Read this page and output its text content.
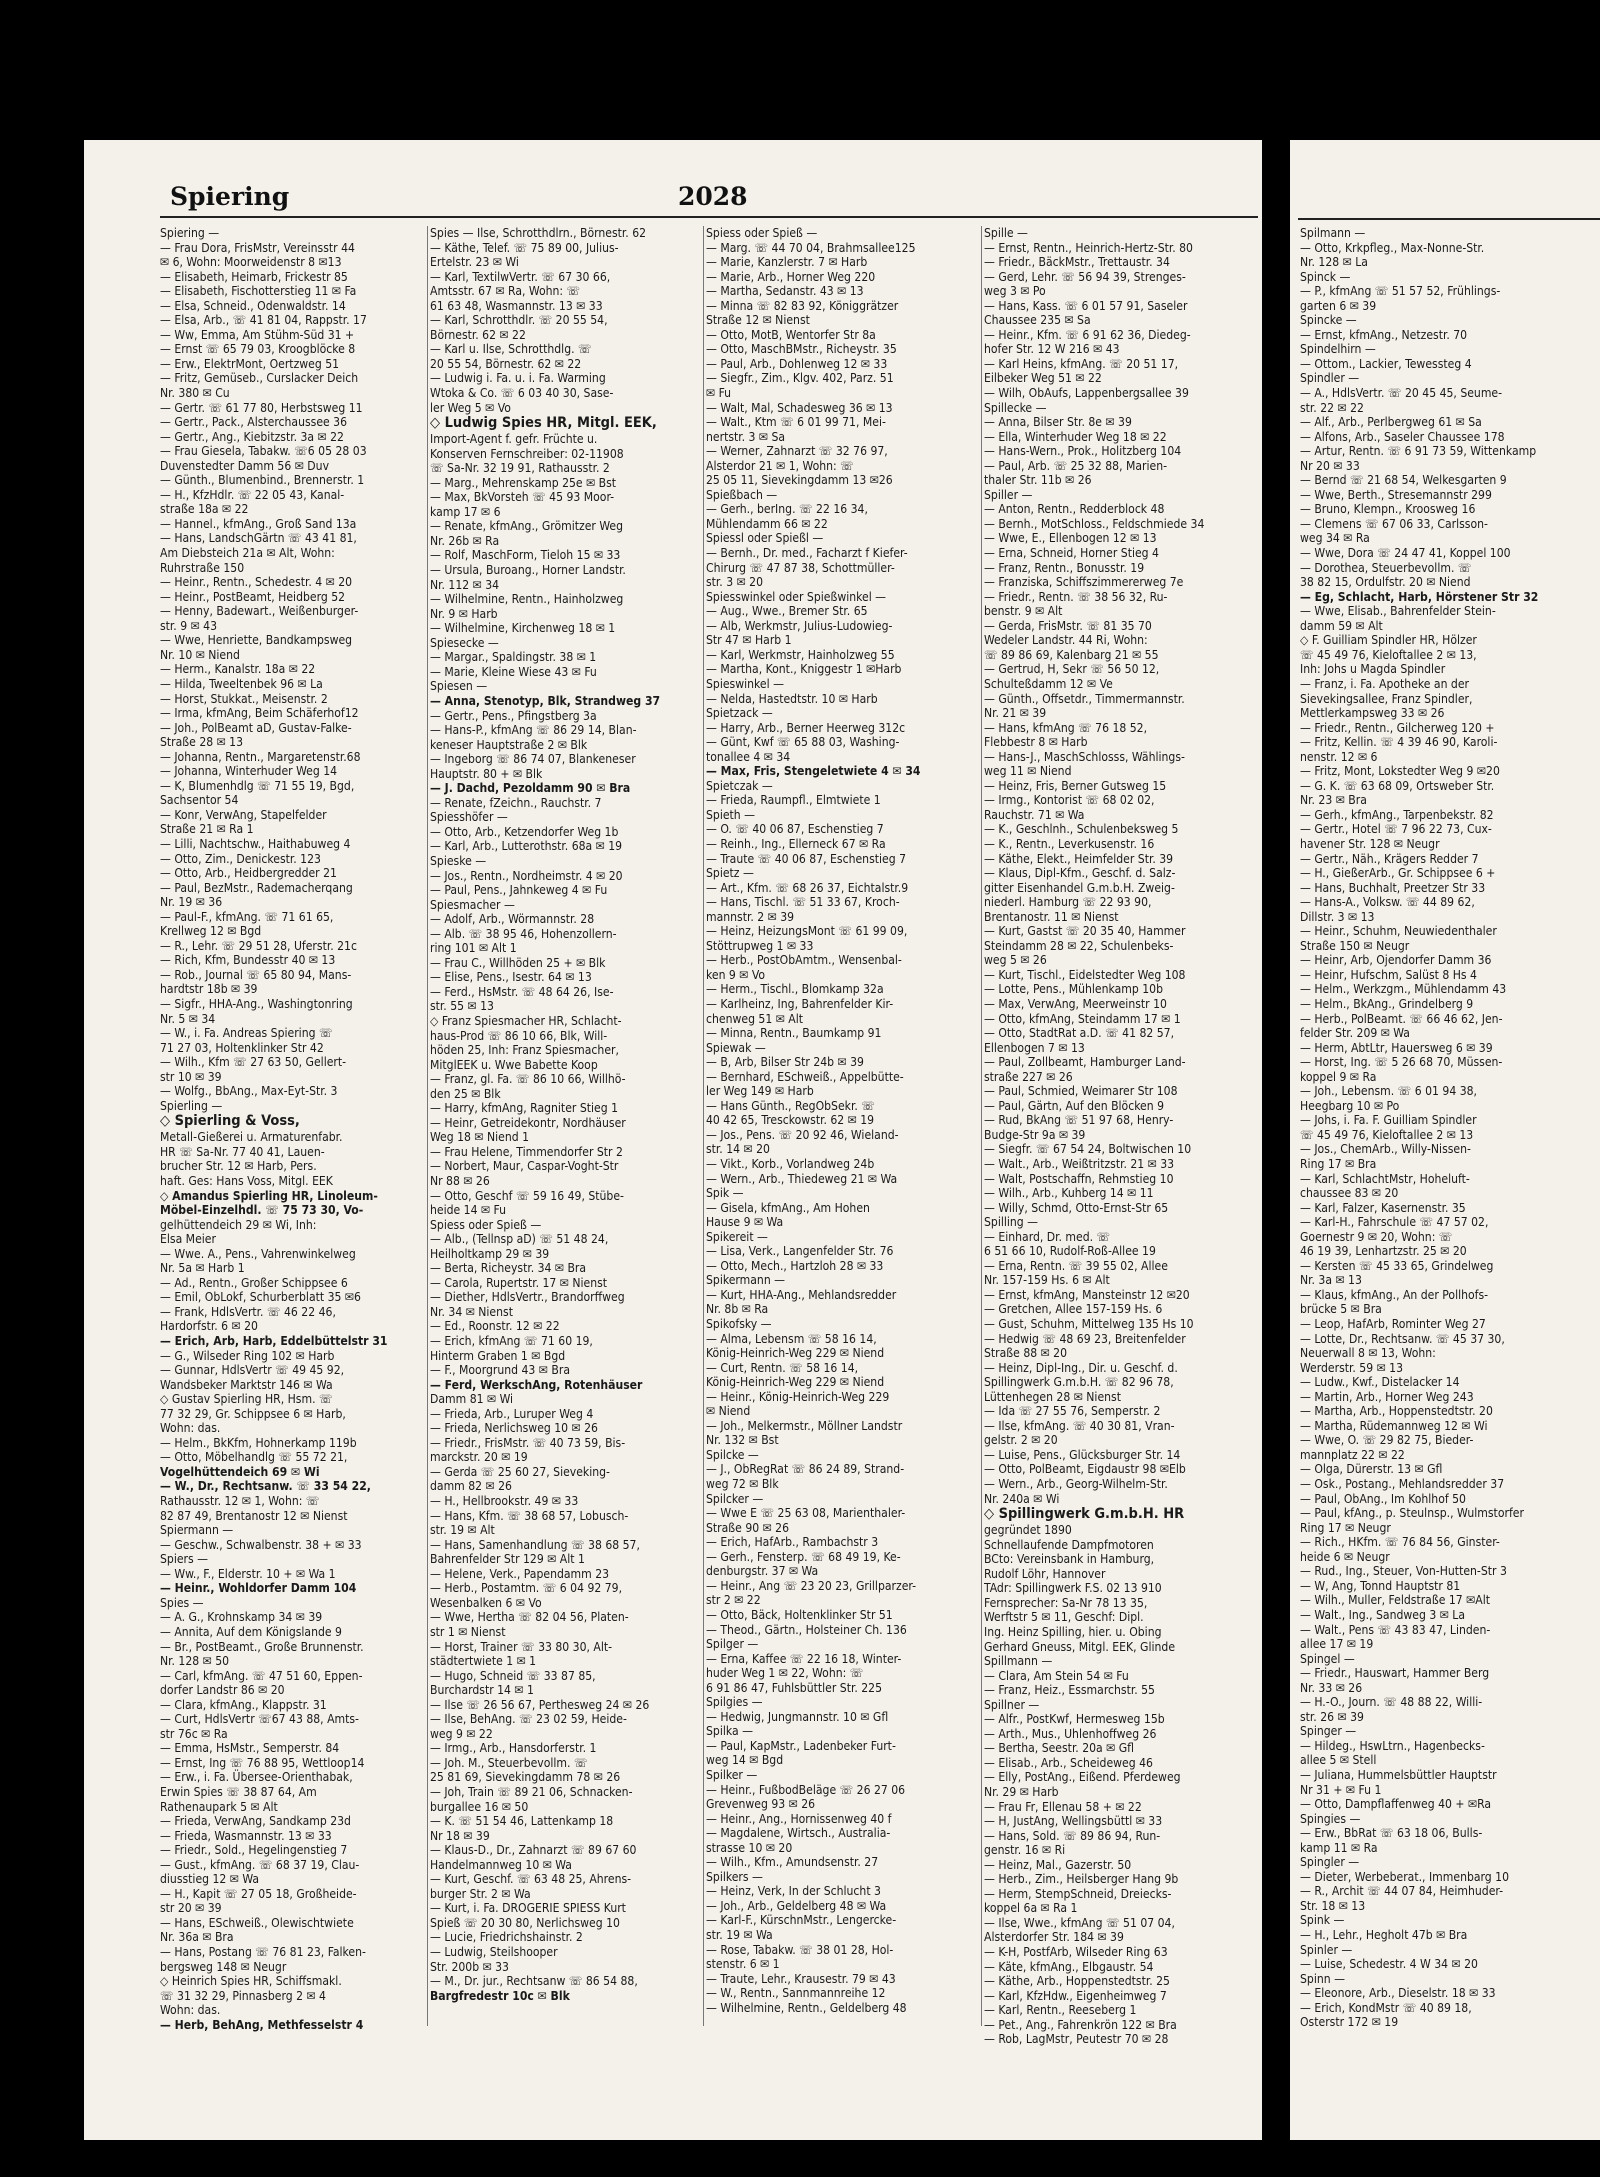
Spiering	2028
Spiering —
— Frau Dora, FrisMstr, Vereinsstr 44
✉ 6, Wohn: Moorweidenstr 8 ✉13
— Elisabeth, Heimarb, Frickestr 85
— Elisabeth, Fischotterstieg 11 ✉ Fa
— Elsa, Schneid., Odenwaldstr. 14
— Elsa, Arb., ☏ 41 81 04, Rappstr. 17
— Ww, Emma, Am Stühm-Süd 31 +
— Ernst ☏ 65 79 03, Kroogblöcke 8
— Erw., ElektrMont, Oertzweg 51
— Fritz, Gemüseb., Curslacker Deich
Nr. 380 ✉ Cu
— Gertr. ☏ 61 77 80, Herbstsweg 11
— Gertr., Pack., Alsterchaussee 36
— Gertr., Ang., Kiebitzstr. 3a ✉ 22
— Frau Giesela, Tabakw. ☏6 05 28 03
Duvenstedter Damm 56 ✉ Duv
— Günth., Blumenbind., Brennerstr. 1
— H., KfzHdlr. ☏ 22 05 43, Kanal-
straße 18a ✉ 22
— Hannel., kfmAng., Groß Sand 13a
— Hans, LandschGärtn ☏ 43 41 81,
Am Diebsteich 21a ✉ Alt, Wohn:
Ruhrstraße 150
— Heinr., Rentn., Schedestr. 4 ✉ 20
— Heinr., PostBeamt, Heidberg 52
— Henny, Badewart., Weißenburger-
str. 9 ✉ 43
— Wwe, Henriette, Bandkampsweg
Nr. 10 ✉ Niend
— Herm., Kanalstr. 18a ✉ 22
— Hilda, Tweeltenbek 96 ✉ La
— Horst, Stukkat., Meisenstr. 2
— Irma, kfmAng, Beim Schäferhof12
— Joh., PolBeamt aD, Gustav-Falke-
Straße 28 ✉ 13
— Johanna, Rentn., Margaretenstr.68
— Johanna, Winterhuder Weg 14
— K, Blumenhdlg ☏ 71 55 19, Bgd,
Sachsentor 54
— Konr, VerwAng, Stapelfelder
Straße 21 ✉ Ra 1
— Lilli, Nachtschw., Haithabuweg 4
— Otto, Zim., Denickestr. 123
— Otto, Arb., Heidbergredder 21
— Paul, BezMstr., Rademacherqang
Nr. 19 ✉ 36
— Paul-F., kfmAng. ☏ 71 61 65,
Krellweg 12 ✉ Bgd
— R., Lehr. ☏ 29 51 28, Uferstr. 21c
— Rich, Kfm, Bundesstr 40 ✉ 13
— Rob., Journal ☏ 65 80 94, Mans-
hardtstr 18b ✉ 39
— Sigfr., HHA-Ang., Washingtonring
Nr. 5 ✉ 34
— W., i. Fa. Andreas Spiering ☏
71 27 03, Holtenklinker Str 42
— Wilh., Kfm ☏ 27 63 50, Gellert-
str 10 ✉ 39
— Wolfg., BbAng., Max-Eyt-Str. 3
Spierling —
◇ Spierling & Voss,
Metall-Gießerei u. Armaturenfabr.
HR ☏ Sa-Nr. 77 40 41, Lauen-
brucher Str. 12 ✉ Harb, Pers.
haft. Ges: Hans Voss, Mitgl. EEK
◇ Amandus Spierling HR, Linoleum-
Möbel-Einzelhdl. ☏ 75 73 30, Vo-
gelhüttendeich 29 ✉ Wi, Inh:
Elsa Meier
— Wwe. A., Pens., Vahrenwinkelweg
Nr. 5a ✉ Harb 1
— Ad., Rentn., Großer Schippsee 6
— Emil, ObLokf, Schurberblatt 35 ✉6
— Frank, HdlsVertr. ☏ 46 22 46,
Hardorfstr. 6 ✉ 20
— Erich, Arb, Harb, Eddelbüttelstr 31
— G., Wilseder Ring 102 ✉ Harb
— Gunnar, HdlsVertr ☏ 49 45 92,
Wandsbeker Marktstr 146 ✉ Wa
◇ Gustav Spierling HR, Hsm. ☏
77 32 29, Gr. Schippsee 6 ✉ Harb,
Wohn: das.
— Helm., BkKfm, Hohnerkamp 119b
— Otto, Möbelhandlg ☏ 55 72 21,
Vogelhüttendeich 69 ✉ Wi
— W., Dr., Rechtsanw. ☏ 33 54 22,
Rathausstr. 12 ✉ 1, Wohn: ☏
82 87 49, Brentanostr 12 ✉ Nienst
Spiermann —
— Geschw., Schwalbenstr. 38 + ✉ 33
Spiers —
— Ww., F., Elderstr. 10 + ✉ Wa 1
— Heinr., Wohldorfer Damm 104
Spies —
— A. G., Krohnskamp 34 ✉ 39
— Annita, Auf dem Königslande 9
— Br., PostBeamt., Große Brunnenstr.
Nr. 128 ✉ 50
— Carl, kfmAng. ☏ 47 51 60, Eppen-
dorfer Landstr 86 ✉ 20
— Clara, kfmAng., Klappstr. 31
— Curt, HdlsVertr ☏67 43 88, Amts-
str 76c ✉ Ra
— Emma, HsMstr., Semperstr. 84
— Ernst, Ing ☏ 76 88 95, Wettloop14
— Erw., i. Fa. Übersee-Orienthabak,
Erwin Spies ☏ 38 87 64, Am
Rathenaupark 5 ✉ Alt
— Frieda, VerwAng, Sandkamp 23d
— Frieda, Wasmannstr. 13 ✉ 33
— Friedr., Sold., Hegelingenstieg 7
— Gust., kfmAng. ☏ 68 37 19, Clau-
diusstieg 12 ✉ Wa
— H., Kapit ☏ 27 05 18, Großheide-
str 20 ✉ 39
— Hans, ESchweiß., Olewischtwiete
Nr. 36a ✉ Bra
— Hans, Postang ☏ 76 81 23, Falken-
bergsweg 148 ✉ Neugr
◇ Heinrich Spies HR, Schiffsmakl.
☏ 31 32 29, Pinnasberg 2 ✉ 4
Wohn: das.
— Herb, BehAng, Methfesselstr 4
Spies — Ilse, Schrotthdlrn., Börnestr. 62
— Käthe, Telef. ☏ 75 89 00, Julius-
Ertelstr. 23 ✉ Wi
— Karl, TextilwVertr. ☏ 67 30 66,
Amtsstr. 67 ✉ Ra, Wohn: ☏
61 63 48, Wasmannstr. 13 ✉ 33
— Karl, Schrotthdlr. ☏ 20 55 54,
Börnestr. 62 ✉ 22
— Karl u. Ilse, Schrotthdlg. ☏
20 55 54, Börnestr. 62 ✉ 22
— Ludwig i. Fa. u. i. Fa. Warming
Wtoka & Co. ☏ 6 03 40 30, Sase-
ler Weg 5 ✉ Vo
◇ Ludwig Spies HR, Mitgl. EEK,
Import-Agent f. gefr. Früchte u.
Konserven Fernschreiber: 02-11908
☏ Sa-Nr. 32 19 91, Rathausstr. 2
— Marg., Mehrenskamp 25e ✉ Bst
— Max, BkVorsteh ☏ 45 93 Moor-
kamp 17 ✉ 6
— Renate, kfmAng., Grömitzer Weg
Nr. 26b ✉ Ra
— Rolf, MaschForm, Tieloh 15 ✉ 33
— Ursula, Buroang., Horner Landstr.
Nr. 112 ✉ 34
— Wilhelmine, Rentn., Hainholzweg
Nr. 9 ✉ Harb
— Wilhelmine, Kirchenweg 18 ✉ 1
Spiesecke —
— Margar., Spaldingstr. 38 ✉ 1
— Marie, Kleine Wiese 43 ✉ Fu
Spiesen —
— Anna, Stenotyp, Blk, Strandweg 37
— Gertr., Pens., Pfingstberg 3a
— Hans-P., kfmAng ☏ 86 29 14, Blan-
keneser Hauptstraße 2 ✉ Blk
— Ingeborg ☏ 86 74 07, Blankeneser
Hauptstr. 80 + ✉ Blk
— J. Dachd, Pezoldamm 90 ✉ Bra
— Renate, fZeichn., Rauchstr. 7
Spiesshöfer —
— Otto, Arb., Ketzendorfer Weg 1b
— Karl, Arb., Lutterothstr. 68a ✉ 19
Spieske —
— Jos., Rentn., Nordheimstr. 4 ✉ 20
— Paul, Pens., Jahnkeweg 4 ✉ Fu
Spiesmacher —
— Adolf, Arb., Wörmannstr. 28
— Alb. ☏ 38 95 46, Hohenzollern-
ring 101 ✉ Alt 1
— Frau C., Willhöden 25 + ✉ Blk
— Elise, Pens., Isestr. 64 ✉ 13
— Ferd., HsMstr. ☏ 48 64 26, Ise-
str. 55 ✉ 13
◇ Franz Spiesmacher HR, Schlacht-
haus-Prod ☏ 86 10 66, Blk, Will-
höden 25, Inh: Franz Spiesmacher,
MitglEEK u. Wwe Babette Koop
— Franz, gl. Fa. ☏ 86 10 66, Willhö-
den 25 ✉ Blk
— Harry, kfmAng, Ragniter Stieg 1
— Heinr, Getreidekontr, Nordhäuser
Weg 18 ✉ Niend 1
— Frau Helene, Timmendorfer Str 2
— Norbert, Maur, Caspar-Voght-Str
Nr 88 ✉ 26
— Otto, Geschf ☏ 59 16 49, Stübe-
heide 14 ✉ Fu
Spiess oder Spieß —
— Alb., (Tellnsp aD) ☏ 51 48 24,
Heilholtkamp 29 ✉ 39
— Berta, Richeystr. 34 ✉ Bra
— Carola, Rupertstr. 17 ✉ Nienst
— Diether, HdlsVertr., Brandorffweg
Nr. 34 ✉ Nienst
— Ed., Roonstr. 12 ✉ 22
— Erich, kfmAng ☏ 71 60 19,
Hinterm Graben 1 ✉ Bgd
— F., Moorgrund 43 ✉ Bra
— Ferd, WerkschAng, Rotenhäuser
Damm 81 ✉ Wi
— Frieda, Arb., Luruper Weg 4
— Frieda, Nerlichsweg 10 ✉ 26
— Friedr., FrisMstr. ☏ 40 73 59, Bis-
marckstr. 20 ✉ 19
— Gerda ☏ 25 60 27, Sieveking-
damm 82 ✉ 26
— H., Hellbrookstr. 49 ✉ 33
— Hans, Kfm. ☏ 38 68 57, Lobusch-
str. 19 ✉ Alt
— Hans, Samenhandlung ☏ 38 68 57,
Bahrenfelder Str 129 ✉ Alt 1
— Helene, Verk., Papendamm 23
— Herb., Postamtm. ☏ 6 04 92 79,
Wesenbalken 6 ✉ Vo
— Wwe, Hertha ☏ 82 04 56, Platen-
str 1 ✉ Nienst
— Horst, Trainer ☏ 33 80 30, Alt-
städtertwiete 1 ✉ 1
— Hugo, Schneid ☏ 33 87 85,
Burchardstr 14 ✉ 1
— Ilse ☏ 26 56 67, Perthesweg 24 ✉ 26
— Ilse, BehAng. ☏ 23 02 59, Heide-
weg 9 ✉ 22
— Irmg., Arb., Hansdorferstr. 1
— Joh. M., Steuerbevollm. ☏
25 81 69, Sievekingdamm 78 ✉ 26
— Joh, Train ☏ 89 21 06, Schnacken-
burgallee 16 ✉ 50
— K. ☏ 51 54 46, Lattenkamp 18
Nr 18 ✉ 39
— Klaus-D., Dr., Zahnarzt ☏ 89 67 60
Handelmannweg 10 ✉ Wa
— Kurt, Geschf. ☏ 63 48 25, Ahrens-
burger Str. 2 ✉ Wa
— Kurt, i. Fa. DROGERIE SPIESS Kurt
Spieß ☏ 20 30 80, Nerlichsweg 10
— Lucie, Friedrichshainstr. 2
— Ludwig, Steilshooper
Str. 200b ✉ 33
— M., Dr. jur., Rechtsanw ☏ 86 54 88,
Bargfredestr 10c ✉ Blk
Spiess oder Spieß —
— Marg. ☏ 44 70 04, Brahmsallee125
— Marie, Kanzlerstr. 7 ✉ Harb
— Marie, Arb., Horner Weg 220
— Martha, Sedanstr. 43 ✉ 13
— Minna ☏ 82 83 92, Königgrätzer
Straße 12 ✉ Nienst
— Otto, MotB, Wentorfer Str 8a
— Otto, MaschBMstr., Richeystr. 35
— Paul, Arb., Dohlenweg 12 ✉ 33
— Siegfr., Zim., Klgv. 402, Parz. 51
✉ Fu
— Walt, Mal, Schadesweg 36 ✉ 13
— Walt., Ktm ☏ 6 01 99 71, Mei-
nertstr. 3 ✉ Sa
— Werner, Zahnarzt ☏ 32 76 97,
Alsterdor 21 ✉ 1, Wohn: ☏
25 05 11, Sievekingdamm 13 ✉26
Spießbach —
— Gerh., berIng. ☏ 22 16 34,
Mühlendamm 66 ✉ 22
Spiessl oder Spießl —
— Bernh., Dr. med., Facharzt f Kiefer-
Chirurg ☏ 47 87 38, Schottmüller-
str. 3 ✉ 20
Spiesswinkel oder Spießwinkel —
— Aug., Wwe., Bremer Str. 65
— Alb, Werkmstr, Julius-Ludowieg-
Str 47 ✉ Harb 1
— Karl, Werkmstr, Hainholzweg 55
— Martha, Kont., Kniggestr 1 ✉Harb
Spieswinkel —
— Nelda, Hastedtstr. 10 ✉ Harb
Spietzack —
— Harry, Arb., Berner Heerweg 312c
— Günt, Kwf ☏ 65 88 03, Washing-
tonallee 4 ✉ 34
— Max, Fris, Stengeletwiete 4 ✉ 34
Spietczak —
— Frieda, Raumpfl., Elmtwiete 1
Spieth —
— O. ☏ 40 06 87, Eschenstieg 7
— Reinh., Ing., Ellerneck 67 ✉ Ra
— Traute ☏ 40 06 87, Eschenstieg 7
Spietz —
— Art., Kfm. ☏ 68 26 37, Eichtalstr.9
— Hans, Tischl. ☏ 51 33 67, Kroch-
mannstr. 2 ✉ 39
— Heinz, HeizungsMont ☏ 61 99 09,
Stöttrupweg 1 ✉ 33
— Herb., PostObAmtm., Wensenbal-
ken 9 ✉ Vo
— Herm., Tischl., Blomkamp 32a
— Karlheinz, Ing, Bahrenfelder Kir-
chenweg 51 ✉ Alt
— Minna, Rentn., Baumkamp 91
Spiewak —
— B, Arb, Bilser Str 24b ✉ 39
— Bernhard, ESchweiß., Appelbütte-
ler Weg 149 ✉ Harb
— Hans Günth., RegObSekr. ☏
40 42 65, Tresckowstr. 62 ✉ 19
— Jos., Pens. ☏ 20 92 46, Wieland-
str. 14 ✉ 20
— Vikt., Korb., Vorlandweg 24b
— Wern., Arb., Thiedeweg 21 ✉ Wa
Spik —
— Gisela, kfmAng., Am Hohen
Hause 9 ✉ Wa
Spikereit —
— Lisa, Verk., Langenfelder Str. 76
— Otto, Mech., Hartzloh 28 ✉ 33
Spikermann —
— Kurt, HHA-Ang., Mehlandsredder
Nr. 8b ✉ Ra
Spikofsky —
— Alma, Lebensm ☏ 58 16 14,
König-Heinrich-Weg 229 ✉ Niend
— Curt, Rentn. ☏ 58 16 14,
König-Heinrich-Weg 229 ✉ Niend
— Heinr., König-Heinrich-Weg 229
✉ Niend
— Joh., Melkermstr., Möllner Landstr
Nr. 132 ✉ Bst
Spilcke —
— J., ObRegRat ☏ 86 24 89, Strand-
weg 72 ✉ Blk
Spilcker —
— Wwe E ☏ 25 63 08, Marienthaler-
Straße 90 ✉ 26
— Erich, HafArb., Rambachstr 3
— Gerh., Fensterp. ☏ 68 49 19, Ke-
denburgstr. 37 ✉ Wa
— Heinr., Ang ☏ 23 20 23, Grillparzer-
str 2 ✉ 22
— Otto, Bäck, Holtenklinker Str 51
— Theod., Gärtn., Holsteiner Ch. 136
Spilger —
— Erna, Kaffee ☏ 22 16 18, Winter-
huder Weg 1 ✉ 22, Wohn: ☏
6 91 86 47, Fuhlsbüttler Str. 225
Spilgies —
— Hedwig, Jungmannstr. 10 ✉ Gfl
Spilka —
— Paul, KapMstr., Ladenbeker Furt-
weg 14 ✉ Bgd
Spilker —
— Heinr., FußbodBeläge ☏ 26 27 06
Grevenweg 93 ✉ 26
— Heinr., Ang., Hornissenweg 40 f
— Magdalene, Wirtsch., Australia-
strasse 10 ✉ 20
— Wilh., Kfm., Amundsenstr. 27
Spilkers —
— Heinz, Verk, In der Schlucht 3
— Joh., Arb., Geldelberg 48 ✉ Wa
— Karl-F., KürschnMstr., Lengercke-
str. 19 ✉ Wa
— Rose, Tabakw. ☏ 38 01 28, Hol-
stenstr. 6 ✉ 1
— Traute, Lehr., Krausestr. 79 ✉ 43
— W., Rentn., Sannmannreihe 12
— Wilhelmine, Rentn., Geldelberg 48
Spille —
— Ernst, Rentn., Heinrich-Hertz-Str. 80
— Friedr., BäckMstr., Trettaustr. 34
— Gerd, Lehr. ☏ 56 94 39, Strenges-
weg 3 ✉ Po
— Hans, Kass. ☏ 6 01 57 91, Saseler
Chaussee 235 ✉ Sa
— Heinr., Kfm. ☏ 6 91 62 36, Diedeg-
hofer Str. 12 W 216 ✉ 43
— Karl Heins, kfmAng. ☏ 20 51 17,
Eilbeker Weg 51 ✉ 22
— Wilh, ObAufs, Lappenbergsallee 39
Spillecke —
— Anna, Bilser Str. 8e ✉ 39
— Ella, Winterhuder Weg 18 ✉ 22
— Hans-Wern., Prok., Holitzberg 104
— Paul, Arb. ☏ 25 32 88, Marien-
thaler Str. 11b ✉ 26
Spiller —
— Anton, Rentn., Redderblock 48
— Bernh., MotSchloss., Feldschmiede 34
— Wwe, E., Ellenbogen 12 ✉ 13
— Erna, Schneid, Horner Stieg 4
— Franz, Rentn., Bonusstr. 19
— Franziska, Schiffszimmererweg 7e
— Friedr., Rentn. ☏ 38 56 32, Ru-
benstr. 9 ✉ Alt
— Gerda, FrisMstr. ☏ 81 35 70
Wedeler Landstr. 44 Ri, Wohn:
☏ 89 86 69, Kalenbarg 21 ✉ 55
— Gertrud, H, Sekr ☏ 56 50 12,
Schulteßdamm 12 ✉ Ve
— Günth., Offsetdr., Timmermannstr.
Nr. 21 ✉ 39
— Hans, kfmAng ☏ 76 18 52,
Flebbestr 8 ✉ Harb
— Hans-J., MaschSchlosss, Wählings-
weg 11 ✉ Niend
— Heinz, Fris, Berner Gutsweg 15
— Irmg., Kontorist ☏ 68 02 02,
Rauchstr. 71 ✉ Wa
— K., Geschlnh., Schulenbeksweg 5
— K., Rentn., Leverkusenstr. 16
— Käthe, Elekt., Heimfelder Str. 39
— Klaus, Dipl-Kfm., Geschf. d. Salz-
gitter Eisenhandel G.m.b.H. Zweig-
niederl. Hamburg ☏ 22 93 90,
Brentanostr. 11 ✉ Nienst
— Kurt, Gastst ☏ 20 35 40, Hammer
Steindamm 28 ✉ 22, Schulenbeks-
weg 5 ✉ 26
— Kurt, Tischl., Eidelstedter Weg 108
— Lotte, Pens., Mühlenkamp 10b
— Max, VerwAng, Meerweinstr 10
— Otto, kfmAng, Steindamm 17 ✉ 1
— Otto, StadtRat a.D. ☏ 41 82 57,
Ellenbogen 7 ✉ 13
— Paul, Zollbeamt, Hamburger Land-
straße 227 ✉ 26
— Paul, Schmied, Weimarer Str 108
— Paul, Gärtn, Auf den Blöcken 9
— Rud, BkAng ☏ 51 97 68, Henry-
Budge-Str 9a ✉ 39
— Siegfr. ☏ 67 54 24, Boltwischen 10
— Walt., Arb., Weißtritzstr. 21 ✉ 33
— Walt, Postschaffn, Rehmstieg 10
— Wilh., Arb., Kuhberg 14 ✉ 11
— Willy, Schmd, Otto-Ernst-Str 65
Spilling —
— Einhard, Dr. med. ☏
6 51 66 10, Rudolf-Roß-Allee 19
— Erna, Rentn. ☏ 39 55 02, Allee
Nr. 157-159 Hs. 6 ✉ Alt
— Ernst, kfmAng, Mansteinstr 12 ✉20
— Gretchen, Allee 157-159 Hs. 6
— Gust, Schuhm, Mittelweg 135 Hs 10
— Hedwig ☏ 48 69 23, Breitenfelder
Straße 88 ✉ 20
— Heinz, Dipl-Ing., Dir. u. Geschf. d.
Spillingwerk G.m.b.H. ☏ 82 96 78,
Lüttenhegen 28 ✉ Nienst
— Ida ☏ 27 55 76, Semperstr. 2
— Ilse, kfmAng. ☏ 40 30 81, Vran-
gelstr. 2 ✉ 20
— Luise, Pens., Glücksburger Str. 14
— Otto, PolBeamt, Eigdaustr 98 ✉Elb
— Wern., Arb., Georg-Wilhelm-Str.
Nr. 240a ✉ Wi
◇ Spillingwerk G.m.b.H. HR
gegründet 1890
Schnellaufende Dampfmotoren
BCto: Vereinsbank in Hamburg,
Rudolf Löhr, Hannover
TAdr: Spillingwerk F.S. 02 13 910
Fernsprecher: Sa-Nr 78 13 35,
Werftstr 5 ✉ 11, Geschf: Dipl.
Ing. Heinz Spilling, hier. u. Obing
Gerhard Gneuss, Mitgl. EEK, Glinde
Spillmann —
— Clara, Am Stein 54 ✉ Fu
— Franz, Heiz., Essmarchstr. 55
Spillner —
— Alfr., PostKwf, Hermesweg 15b
— Arth., Mus., Uhlenhoffweg 26
— Bertha, Seestr. 20a ✉ Gfl
— Elisab., Arb., Scheideweg 46
— Elly, PostAng., Eißend. Pferdeweg
Nr. 29 ✉ Harb
— Frau Fr, Ellenau 58 + ✉ 22
— H, JustAng, Wellingsbüttl ✉ 33
— Hans, Sold. ☏ 89 86 94, Run-
genstr. 16 ✉ Ri
— Heinz, Mal., Gazerstr. 50
— Herb., Zim., Heilsberger Hang 9b
— Herm, StempSchneid, Dreiecks-
koppel 6a ✉ Ra 1
— Ilse, Wwe., kfmAng ☏ 51 07 04,
Alsterdorfer Str. 184 ✉ 39
— K-H, PostfArb, Wilseder Ring 63
— Käte, kfmAng., Elbgaustr. 54
— Käthe, Arb., Hoppenstedtstr. 25
— Karl, KfzHdw., Eigenheimweg 7
— Karl, Rentn., Reeseberg 1
— Pet., Ang., Fahrenkrön 122 ✉ Bra
— Rob, LagMstr, Peutestr 70 ✉ 28
Spilmann —
— Otto, Krkpfleg., Max-Nonne-Str.
Nr. 128 ✉ La
Spinck —
— P., kfmAng ☏ 51 57 52, Frühlings-
garten 6 ✉ 39
Spincke —
— Ernst, kfmAng., Netzestr. 70
Spindelhirn —
— Ottom., Lackier, Tewessteg 4
Spindler —
— A., HdlsVertr. ☏ 20 45 45, Seume-
str. 22 ✉ 22
— Alf., Arb., Perlbergweg 61 ✉ Sa
— Alfons, Arb., Saseler Chaussee 178
— Artur, Rentn. ☏ 6 91 73 59, Wittenkamp
Nr 20 ✉ 33
— Bernd ☏ 21 68 54, Welkesgarten 9
— Wwe, Berth., Stresemannstr 299
— Bruno, Klempn., Kroosweg 16
— Clemens ☏ 67 06 33, Carlsson-
weg 34 ✉ Ra
— Wwe, Dora ☏ 24 47 41, Koppel 100
— Dorothea, Steuerbevollm. ☏
38 82 15, Ordulfstr. 20 ✉ Niend
— Eg, Schlacht, Harb, Hörstener Str 32
— Wwe, Elisab., Bahrenfelder Stein-
damm 59 ✉ Alt
◇ F. Guilliam Spindler HR, Hölzer
☏ 45 49 76, Kieloftallee 2 ✉ 13,
Inh: Johs u Magda Spindler
— Franz, i. Fa. Apotheke an der
Sievekingsallee, Franz Spindler,
Mettlerkampsweg 33 ✉ 26
— Friedr., Rentn., Gilcherweg 120 +
— Fritz, Kellin. ☏ 4 39 46 90, Karoli-
nenstr. 12 ✉ 6
— Fritz, Mont, Lokstedter Weg 9 ✉20
— G. K. ☏ 63 68 09, Ortsweber Str.
Nr. 23 ✉ Bra
— Gerh., kfmAng., Tarpenbekstr. 82
— Gertr., Hotel ☏ 7 96 22 73, Cux-
havener Str. 128 ✉ Neugr
— Gertr., Näh., Krägers Redder 7
— H., GießerArb., Gr. Schippsee 6 +
— Hans, Buchhalt, Preetzer Str 33
— Hans-A., Volksw. ☏ 44 89 62,
Dillstr. 3 ✉ 13
— Heinr., Schuhm, Neuwiedenthaler
Straße 150 ✉ Neugr
— Heinr, Arb, Ojendorfer Damm 36
— Heinr, Hufschm, Salüst 8 Hs 4
— Helm., Werkzgm., Mühlendamm 43
— Helm., BkAng., Grindelberg 9
— Herb., PolBeamt. ☏ 66 46 62, Jen-
felder Str. 209 ✉ Wa
— Herm, AbtLtr, Hauersweg 6 ✉ 39
— Horst, Ing. ☏ 5 26 68 70, Müssen-
koppel 9 ✉ Ra
— Joh., Lebensm. ☏ 6 01 94 38,
Heegbarg 10 ✉ Po
— Johs, i. Fa. F. Guilliam Spindler
☏ 45 49 76, Kieloftallee 2 ✉ 13
— Jos., ChemArb., Willy-Nissen-
Ring 17 ✉ Bra
— Karl, SchlachtMstr, Hoheluft-
chaussee 83 ✉ 20
— Karl, Falzer, Kasernenstr. 35
— Karl-H., Fahrschule ☏ 47 57 02,
Goernestr 9 ✉ 20, Wohn: ☏
46 19 39, Lenhartzstr. 25 ✉ 20
— Kersten ☏ 45 33 65, Grindelweg
Nr. 3a ✉ 13
— Klaus, kfmAng., An der Pollhofs-
brücke 5 ✉ Bra
— Leop, HafArb, Rominter Weg 27
— Lotte, Dr., Rechtsanw. ☏ 45 37 30,
Neuerwall 8 ✉ 13, Wohn:
Werderstr. 59 ✉ 13
— Ludw., Kwf., Distelacker 14
— Martin, Arb., Horner Weg 243
— Martha, Arb., Hoppenstedtstr. 20
— Martha, Rüdemannweg 12 ✉ Wi
— Wwe, O. ☏ 29 82 75, Bieder-
mannplatz 22 ✉ 22
— Olga, Dürerstr. 13 ✉ Gfl
— Osk., Postang., Mehlandsredder 37
— Paul, ObAng., Im Kohlhof 50
— Paul, kfAng., p. Steulnsp., Wulmstorfer
Ring 17 ✉ Neugr
— Rich., HKfm. ☏ 76 84 56, Ginster-
heide 6 ✉ Neugr
— Rud., Ing., Steuer, Von-Hutten-Str 3
— W, Ang, Tonnd Hauptstr 81
— Wilh., Muller, Feldstraße 17 ✉Alt
— Walt., Ing., Sandweg 3 ✉ La
— Walt., Pens ☏ 43 83 47, Linden-
allee 17 ✉ 19
Spingel —
— Friedr., Hauswart, Hammer Berg
Nr. 33 ✉ 26
— H.-O., Journ. ☏ 48 88 22, Willi-
str. 26 ✉ 39
Spinger —
— Hildeg., HswLtrn., Hagenbecks-
allee 5 ✉ Stell
— Juliana, Hummelsbüttler Hauptstr
Nr 31 + ✉ Fu 1
— Otto, Dampflaffenweg 40 + ✉Ra
Spingies —
— Erw., BbRat ☏ 63 18 06, Bulls-
kamp 11 ✉ Ra
Spingler —
— Dieter, Werbeberat., Immenbarg 10
— R., Archit ☏ 44 07 84, Heimhuder-
Str. 18 ✉ 13
Spink —
— H., Lehr., Hegholt 47b ✉ Bra
Spinler —
— Luise, Schedestr. 4 W 34 ✉ 20
Spinn —
— Eleonore, Arb., Dieselstr. 18 ✉ 33
— Erich, KondMstr ☏ 40 89 18,
Osterstr 172 ✉ 19
